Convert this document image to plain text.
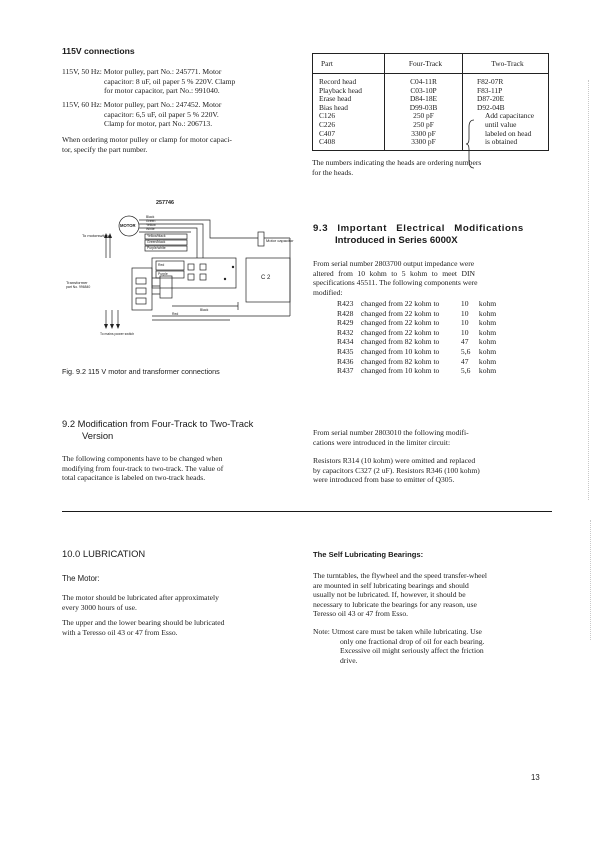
115V connections
115V, 50 Hz: Motor pulley, part No.: 245771. Motor
capacitor: 8 uF, oil paper 5 % 220V. Clamp
for motor capacitor, part No.: 991040.
115V, 60 Hz: Motor pulley, part No.: 247452. Motor
capacitor: 6,5 uF, oil paper 5 % 220V.
Clamp for motor, part No.: 206713.
When ordering motor pulley or clamp for motor capaci-
tor, specify the part number.
Part	Four-Track	Two-Track
Record head	C04-11R	F82-07R
Playback head	C03-10P	F83-11P
Erase head	D84-18E	D87-20E
Bias head	D99-03B	D92-04B
C126	250 pF	Add capacitance
C226	250 pF	until value
C407	3300 pF	labeled on head
C408	3300 pF	is obtained
The numbers indicating the heads are ordering numbers
for the heads.
257746
MOTOR
To motorswitch
Motor capacitor
Black
Green
Yellow
White
Yellow/black
Green/black
Purple/white
Red
Purple
Black
Red
C 2
Transformer
part No. 996840
To mains power switch
Fig. 9.2 115 V motor and transformer connections
9.3 Important Electrical Modifications
Introduced in Series 6000X
From serial number 2803700 output impedance were
altered from 10 kohm to 5 kohm to meet DIN
specifications 45511. The following components were
modified:
R423 changed from 22 kohm to	10 kohm
R428 changed from 22 kohm to	10 kohm
R429 changed from 22 kohm to	10 kohm
R432 changed from 22 kohm to	10 kohm
R434 changed from 82 kohm to	47 kohm
R435 changed from 10 kohm to	5,6 kohm
R436 changed from 82 kohm to	47 kohm
R437 changed from 10 kohm to	5,6 kohm
9.2 Modification from Four-Track to Two-Track
Version
The following components have to be changed when
modifying from four-track to two-track. The value of
total capacitance is labeled on two-track heads.
From serial number 2803010 the following modifi-
cations were introduced in the limiter circuit:
Resistors R314 (10 kohm) were omitted and replaced
by capacitors C327 (2 uF). Resistors R346 (100 kohm)
were introduced from base to emitter of Q305.
10.0 LUBRICATION
The Motor:
The motor should be lubricated after approximately
every 3000 hours of use.
The upper and the lower bearing should be lubricated
with a Teresso oil 43 or 47 from Esso.
The Self Lubricating Bearings:
The turntables, the flywheel and the speed transfer-wheel
are mounted in self lubricating bearings and should
usually not be lubricated. If, however, it should be
necessary to lubricate the bearings for any reason, use
Teresso oil 43 or 47 from Esso.
Note: Utmost care must be taken while lubricating. Use
only one fractional drop of oil for each bearing.
Excessive oil might seriously affect the friction
drive.
13
